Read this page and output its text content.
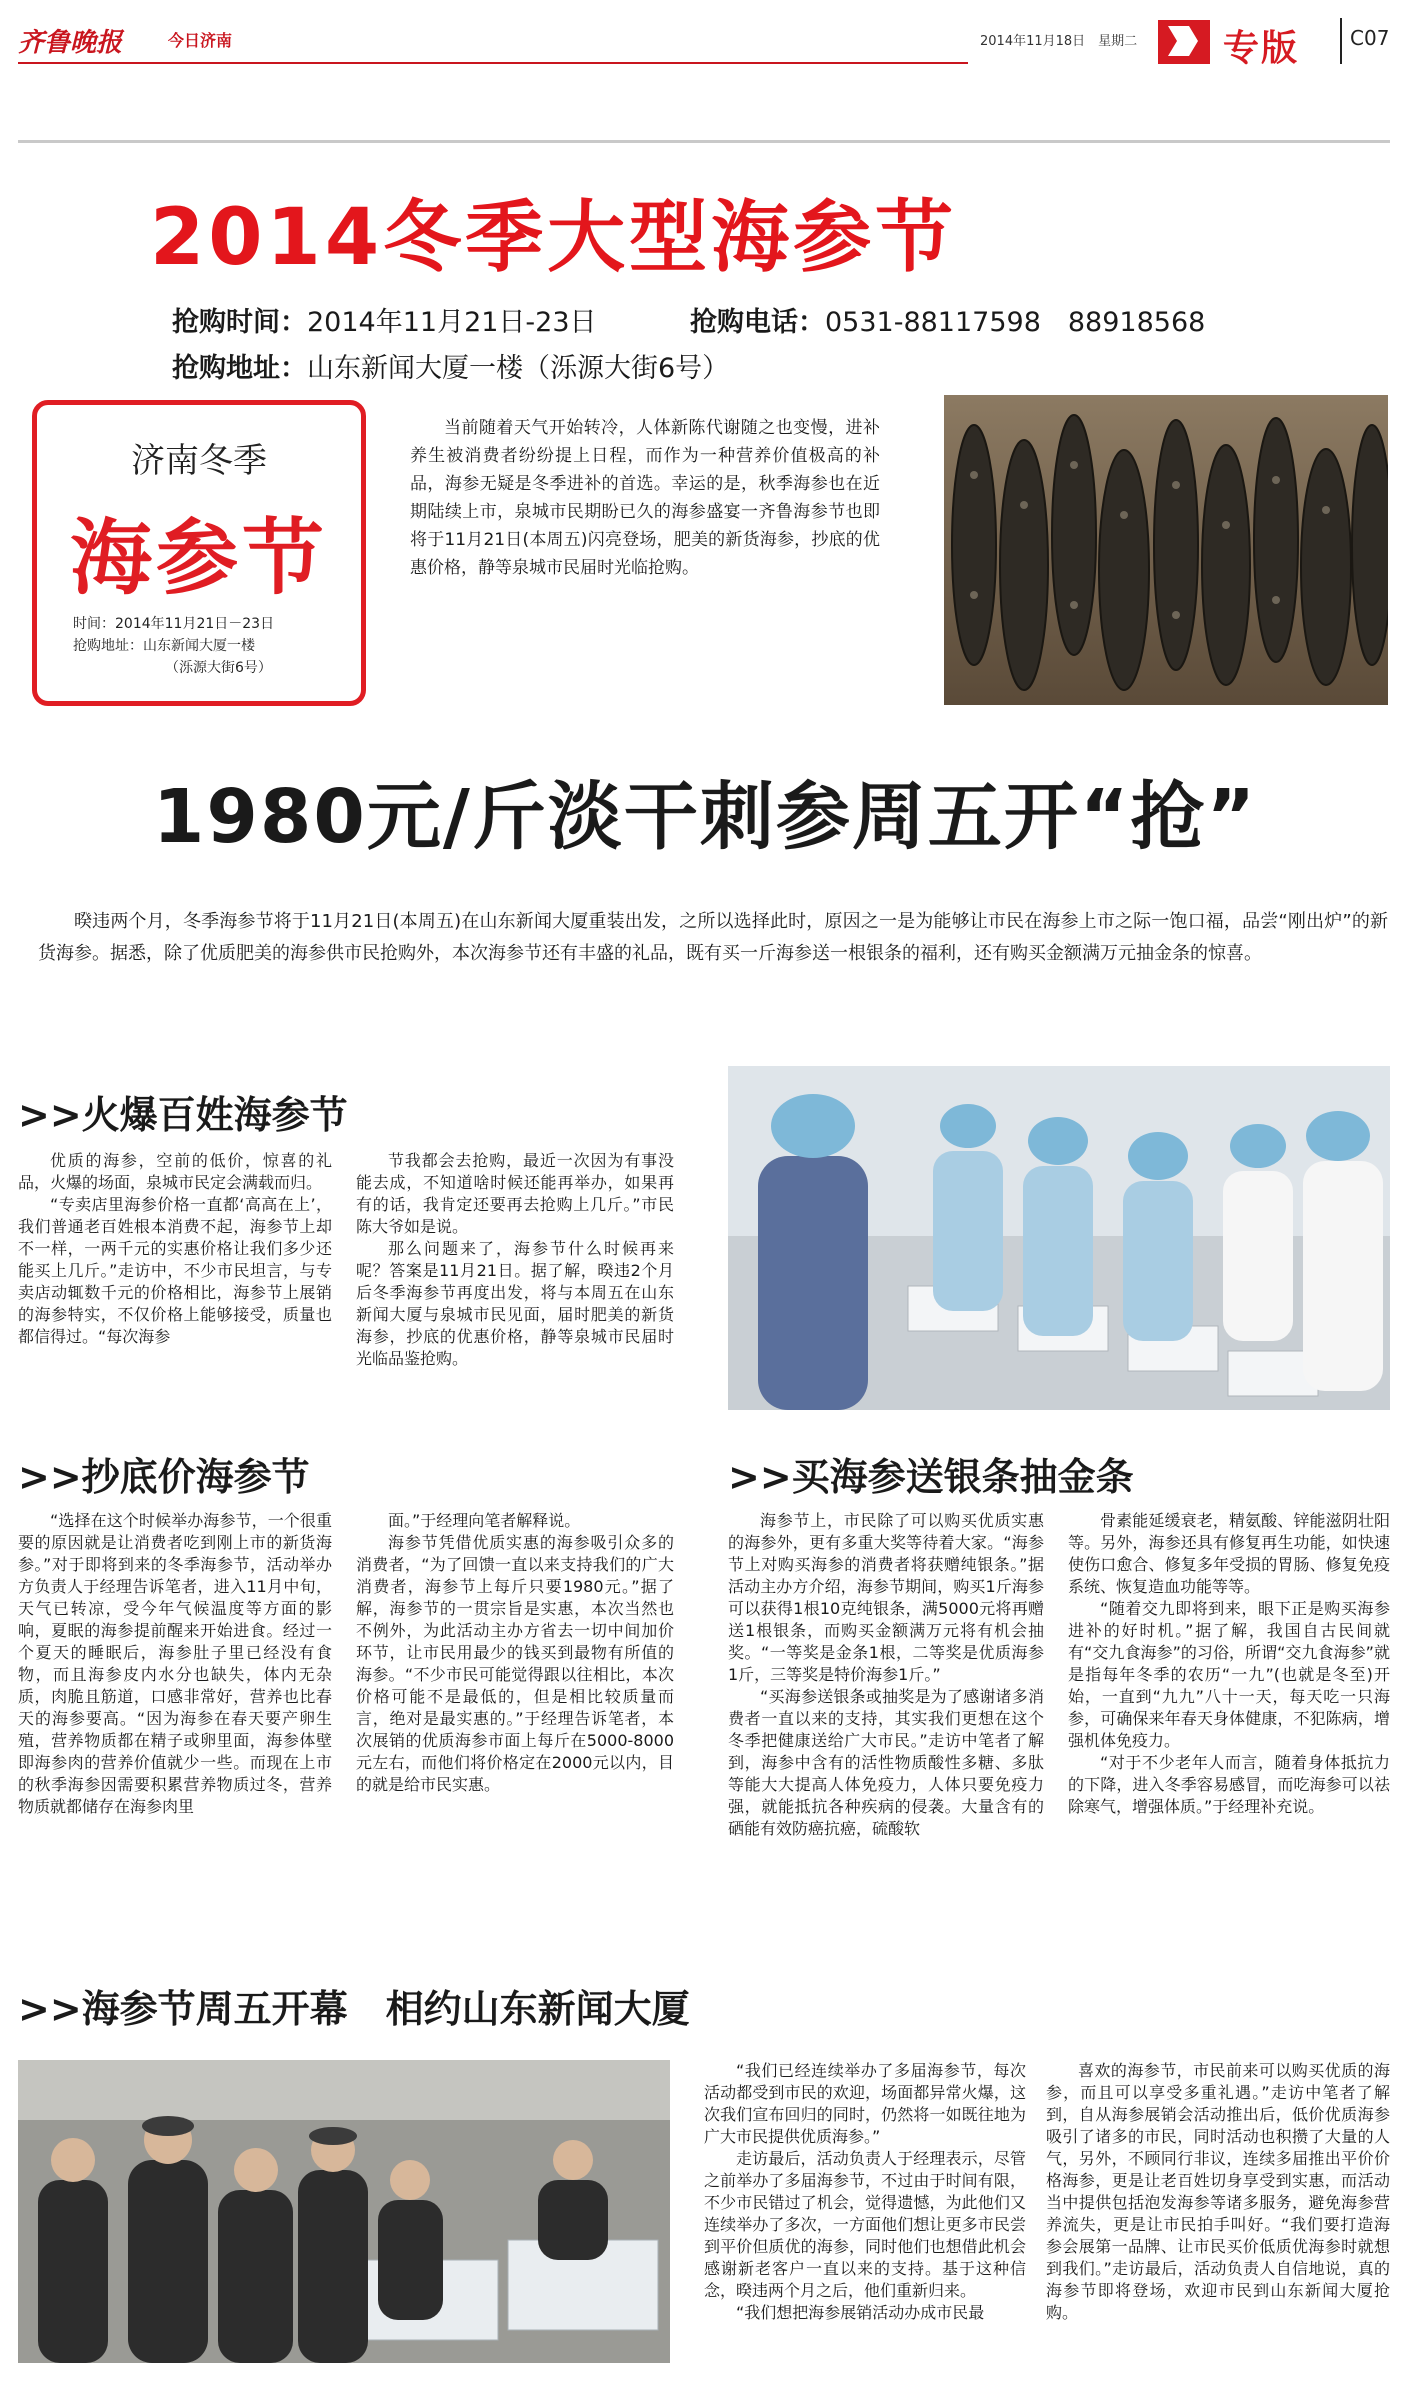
齐鲁晚报	今日济南	2014年11月18日　星期二 专版	C07
2014冬季大型海参节
抢购时间：2014年11月21日-23日	抢购电话：0531-88117598　88918568
抢购地址：山东新闻大厦一楼（泺源大街6号）
济南冬季
海参节
时间：2014年11月21日－23日
抢购地址：山东新闻大厦一楼
（泺源大街6号）
当前随着天气开始转冷，人体新陈代谢随之也变慢，进补养生被消费者纷纷提上日程，而作为一种营养价值极高的补品，海参无疑是冬季进补的首选。幸运的是，秋季海参也在近期陆续上市，泉城市民期盼已久的海参盛宴一齐鲁海参节也即将于11月21日(本周五)闪亮登场，肥美的新货海参，抄底的优惠价格，静等泉城市民届时光临抢购。
1980元/斤淡干刺参周五开“抢”
暌违两个月，冬季海参节将于11月21日(本周五)在山东新闻大厦重装出发，之所以选择此时，原因之一是为能够让市民在海参上市之际一饱口福，品尝“刚出炉”的新货海参。据悉，除了优质肥美的海参供市民抢购外，本次海参节还有丰盛的礼品，既有买一斤海参送一根银条的福利，还有购买金额满万元抽金条的惊喜。
>>火爆百姓海参节

优质的海参，空前的低价，惊喜的礼品，火爆的场面，泉城市民定会满载而归。

“专卖店里海参价格一直都‘高高在上’，我们普通老百姓根本消费不起，海参节上却不一样，一两千元的实惠价格让我们多少还能买上几斤。”走访中，不少市民坦言，与专卖店动辄数千元的价格相比，海参节上展销的海参特实，不仅价格上能够接受，质量也都信得过。“每次海参

节我都会去抢购，最近一次因为有事没能去成，不知道啥时候还能再举办，如果再有的话，我肯定还要再去抢购上几斤。”市民陈大爷如是说。

那么问题来了，海参节什么时候再来呢？答案是11月21日。据了解，暌违2个月后冬季海参节再度出发，将与本周五在山东新闻大厦与泉城市民见面，届时肥美的新货海参，抄底的优惠价格，静等泉城市民届时光临品鉴抢购。

>>抄底价海参节

“选择在这个时候举办海参节，一个很重要的原因就是让消费者吃到刚上市的新货海参。”对于即将到来的冬季海参节，活动举办方负责人于经理告诉笔者，进入11月中旬，天气已转凉，受今年气候温度等方面的影响，夏眠的海参提前醒来开始进食。经过一个夏天的睡眠后，海参肚子里已经没有食物，而且海参皮内水分也缺失，体内无杂质，肉脆且筋道，口感非常好，营养也比春天的海参要高。“因为海参在春天要产卵生殖，营养物质都在精子或卵里面，海参体壁即海参肉的营养价值就少一些。而现在上市的秋季海参因需要积累营养物质过冬，营养物质就都储存在海参肉里

面。”于经理向笔者解释说。

海参节凭借优质实惠的海参吸引众多的消费者，“为了回馈一直以来支持我们的广大消费者，海参节上每斤只要1980元。”据了解，海参节的一贯宗旨是实惠，本次当然也不例外，为此活动主办方省去一切中间加价环节，让市民用最少的钱买到最物有所值的海参。“不少市民可能觉得跟以往相比，本次价格可能不是最低的，但是相比较质量而言，绝对是最实惠的。”于经理告诉笔者，本次展销的优质海参市面上每斤在5000-8000元左右，而他们将价格定在2000元以内，目的就是给市民实惠。

>>买海参送银条抽金条

海参节上，市民除了可以购买优质实惠的海参外，更有多重大奖等待着大家。“海参节上对购买海参的消费者将获赠纯银条。”据活动主办方介绍，海参节期间，购买1斤海参可以获得1根10克纯银条，满5000元将再赠送1根银条，而购买金额满万元将有机会抽奖。“一等奖是金条1根，二等奖是优质海参1斤，三等奖是特价海参1斤。”

“买海参送银条或抽奖是为了感谢诸多消费者一直以来的支持，其实我们更想在这个冬季把健康送给广大市民。”走访中笔者了解到，海参中含有的活性物质酸性多糖、多肽等能大大提高人体免疫力，人体只要免疫力强，就能抵抗各种疾病的侵袭。大量含有的硒能有效防癌抗癌，硫酸软

骨素能延缓衰老，精氨酸、锌能滋阴壮阳等。另外，海参还具有修复再生功能，如快速使伤口愈合、修复多年受损的胃肠、修复免疫系统、恢复造血功能等等。

“随着交九即将到来，眼下正是购买海参进补的好时机。”据了解，我国自古民间就有“交九食海参”的习俗，所谓“交九食海参”就是指每年冬季的农历“一九”(也就是冬至)开始，一直到“九九”八十一天，每天吃一只海参，可确保来年春天身体健康，不犯陈病，增强机体免疫力。

“对于不少老年人而言，随着身体抵抗力的下降，进入冬季容易感冒，而吃海参可以祛除寒气，增强体质。”于经理补充说。

>>海参节周五开幕　相约山东新闻大厦

“我们已经连续举办了多届海参节，每次活动都受到市民的欢迎，场面都异常火爆，这次我们宣布回归的同时，仍然将一如既往地为广大市民提供优质海参。”

走访最后，活动负责人于经理表示，尽管之前举办了多届海参节，不过由于时间有限，不少市民错过了机会，觉得遗憾，为此他们又连续举办了多次，一方面他们想让更多市民尝到平价但质优的海参，同时他们也想借此机会感谢新老客户一直以来的支持。基于这种信念，暌违两个月之后，他们重新归来。

“我们想把海参展销活动办成市民最

喜欢的海参节，市民前来可以购买优质的海参，而且可以享受多重礼遇。”走访中笔者了解到，自从海参展销会活动推出后，低价优质海参吸引了诸多的市民，同时活动也积攒了大量的人气，另外，不顾同行非议，连续多届推出平价价格海参，更是让老百姓切身享受到实惠，而活动当中提供包括泡发海参等诸多服务，避免海参营养流失，更是让市民拍手叫好。“我们要打造海参会展第一品牌、让市民买价低质优海参时就想到我们。”走访最后，活动负责人自信地说，真的海参节即将登场，欢迎市民到山东新闻大厦抢购。
